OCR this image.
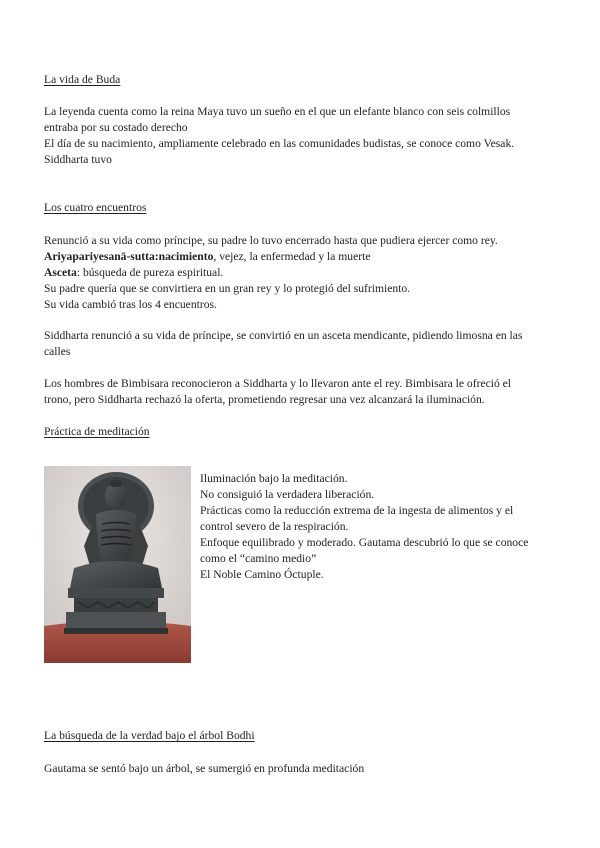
La vida de Buda

La leyenda cuenta como la reina Maya tuvo un sueño en el que un elefante blanco con seis colmillos

entraba por su costado derecho

El día de su nacimiento, ampliamente celebrado en las comunidades budistas, se conoce como Vesak.

Siddharta tuvo

Los cuatro encuentros

Renunció a su vida como príncipe, su padre lo tuvo encerrado hasta que pudiera ejercer como rey.

Ariyapariyesanā-sutta:nacimiento, vejez, la enfermedad y la muerte

Asceta: búsqueda de pureza espiritual.

Su padre quería que se convirtiera en un gran rey y lo protegió del sufrimiento.

Su vida cambió tras los 4 encuentros.

Siddharta renunció a su vida de príncipe, se convirtió en un asceta mendicante, pidiendo limosna en las

calles

Los hombres de Bimbisara reconocieron a Siddharta y lo llevaron ante el rey. Bimbisara le ofreció el

trono, pero Siddharta rechazó la oferta, prometiendo regresar una vez alcanzará la iluminación.

Práctica de meditación

Iluminación bajo la meditación.

No consiguió la verdadera liberación.

Prácticas como la reducción extrema de la ingesta de alimentos y el

control severo de la respiración.

Enfoque equilibrado y moderado. Gautama descubrió lo que se conoce

como el “camino medio”

El Noble Camino Óctuple.

La búsqueda de la verdad bajo el árbol Bodhi

Gautama se sentó bajo un árbol, se sumergió en profunda meditación
